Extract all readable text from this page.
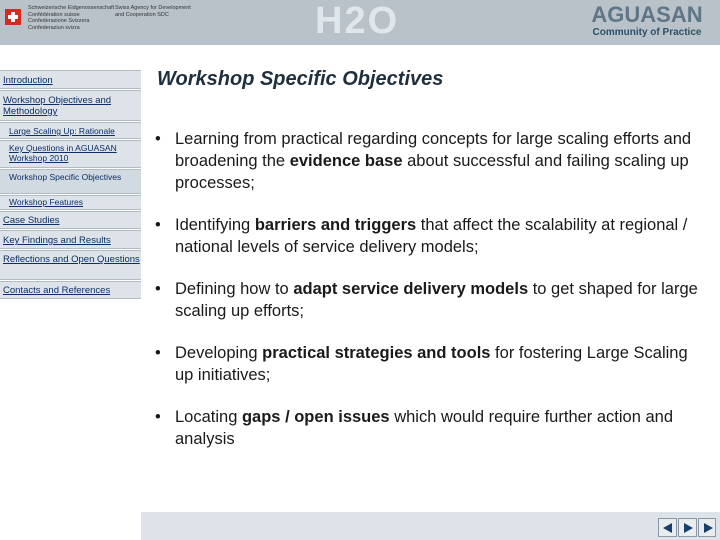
Schweizerische Eidgenossenschaft
Confédération suisse
Confederazione Svizzera
Confederaziun svizra
Swiss Agency for Development
and Cooperation SDC	H2O	AGUASAN
Community of Practice
Introduction
Workshop Objectives and Methodology
Large Scaling Up: Rationale
Key Questions in AGUASAN Workshop 2010
Workshop Specific Objectives
Workshop Features
Case Studies
Key Findings and Results
Reflections and Open Questions
Contacts and References
Workshop Specific Objectives
• Learning from practical regarding concepts for large scaling efforts and broadening the evidence base about successful and failing scaling up processes;
• Identifying barriers and triggers that affect the scalability at regional / national levels of service delivery models;
• Defining how to adapt service delivery models to get shaped for large scaling up efforts;
• Developing practical strategies and tools for fostering Large Scaling up initiatives;
• Locating gaps / open issues which would require further action and analysis
